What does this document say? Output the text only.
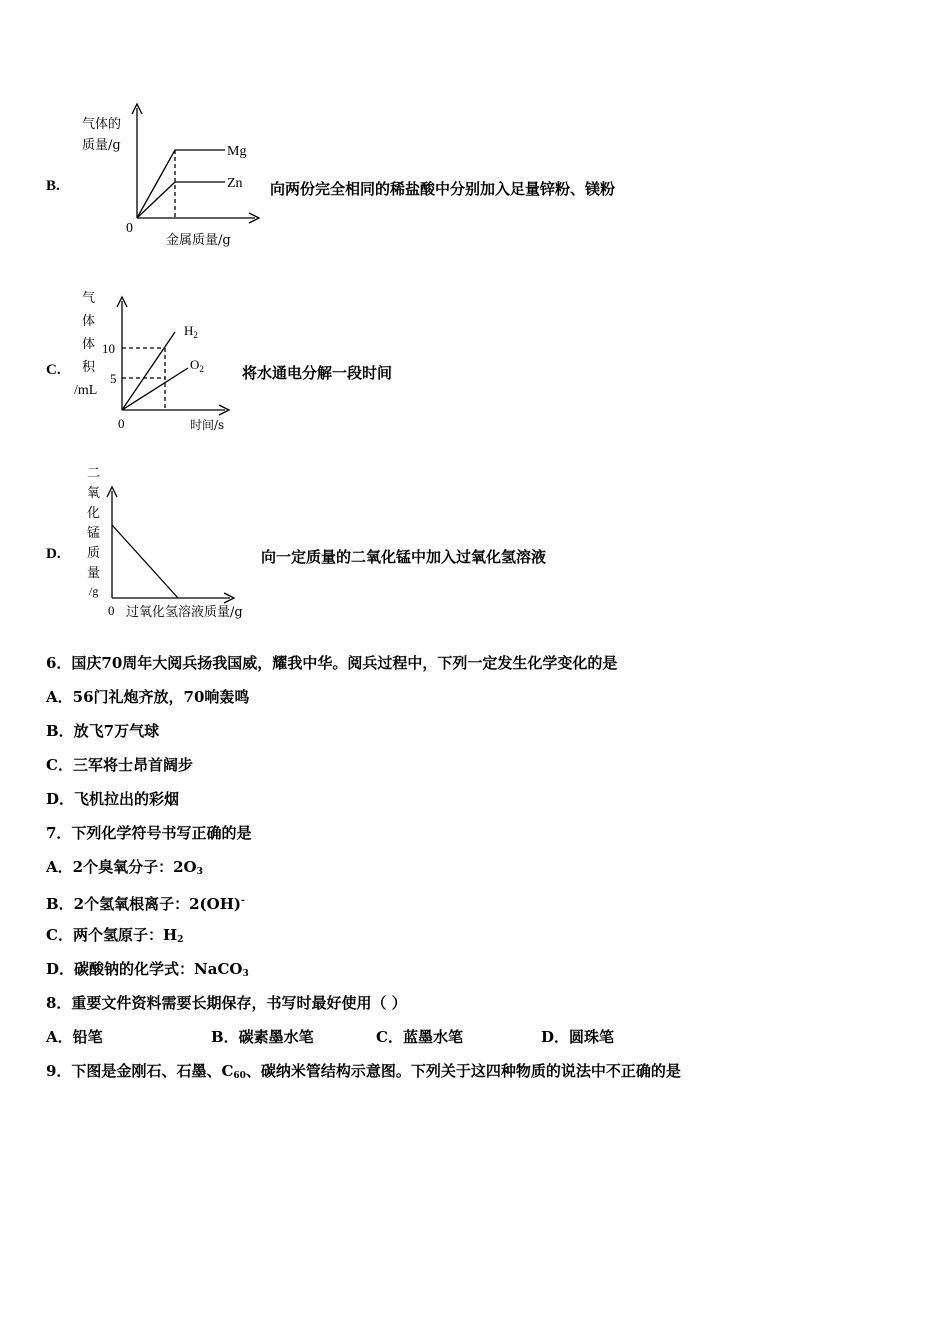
B.
气体的
质量/g	Mg
Zn
0
金属质量/g
向两份完全相同的稀盐酸中分别加入足量锌粉、镁粉
C.
气
体
体
积
/mL
10
5
$H_2$
$O_2$
0	时间/s
将水通电分解一段时间
D.
二
氧
化
锰
质
量
/g
0 过氧化氢溶液质量/g
向一定质量的二氧化锰中加入过氧化氢溶液
6．国庆70周年大阅兵扬我国威，耀我中华。阅兵过程中，下列一定发生化学变化的是
A．56门礼炮齐放，70响轰鸣
B．放飞7万气球
C．三军将士昂首阔步
D．飞机拉出的彩烟
7．下列化学符号书写正确的是
A．2个臭氧分子：$2O_3$
B．2个氢氧根离子：2(OH)-
C．两个氢原子：$H_2$
D．碳酸钠的化学式：NaCO$_3$
8．重要文件资料需要长期保存，书写时最好使用（ ）
A．铅笔	B．碳素墨水笔	C．蓝墨水笔	D．圆珠笔
9．下图是金刚石、石墨、$C_{60}$、碳纳米管结构示意图。下列关于这四种物质的说法中不正确的是
